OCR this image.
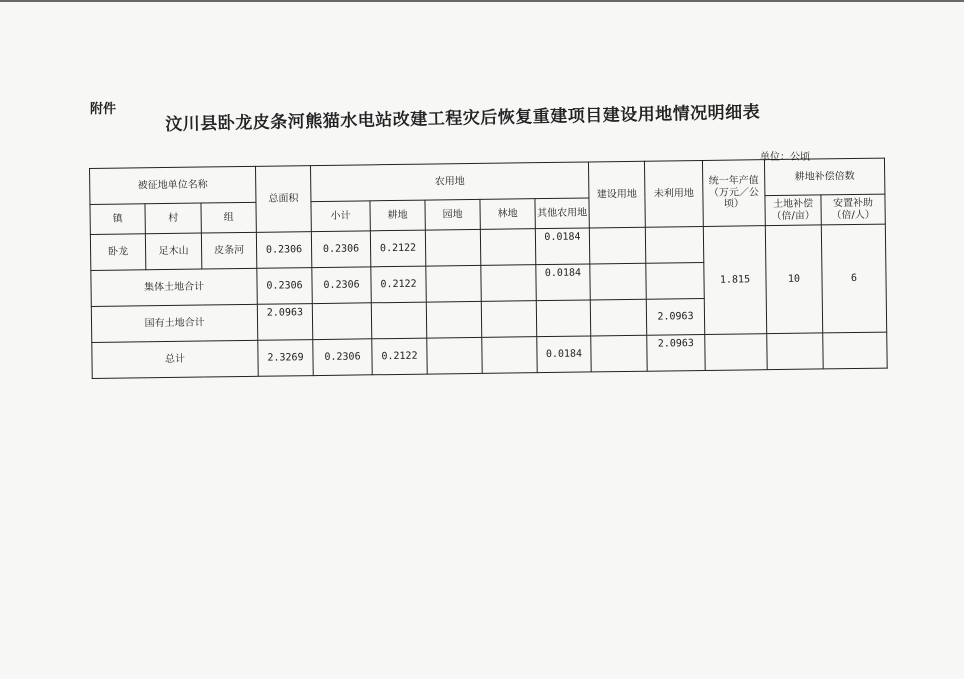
附件	汶川县卧龙皮条河熊猫水电站改建工程灾后恢复重建项目建设用地情况明细表
单位：公顷
被征地单位名称			总面积	农用地					建设用地	未利用地	统一年产值（万元／公顷）	耕地补偿倍数	
镇	村	组		小计	耕地	园地	林地	其他农用地				土地补偿（倍/亩）	安置补助（倍/人）
卧龙	足木山	皮条河	0.2306	0.2306	0.2122			0.0184			1.815	10	6
集体土地合计			0.2306	0.2306	0.2122			0.0184					
国有土地合计			2.0963							2.0963			
总计			2.3269	0.2306	0.2122			0.0184		2.0963			
